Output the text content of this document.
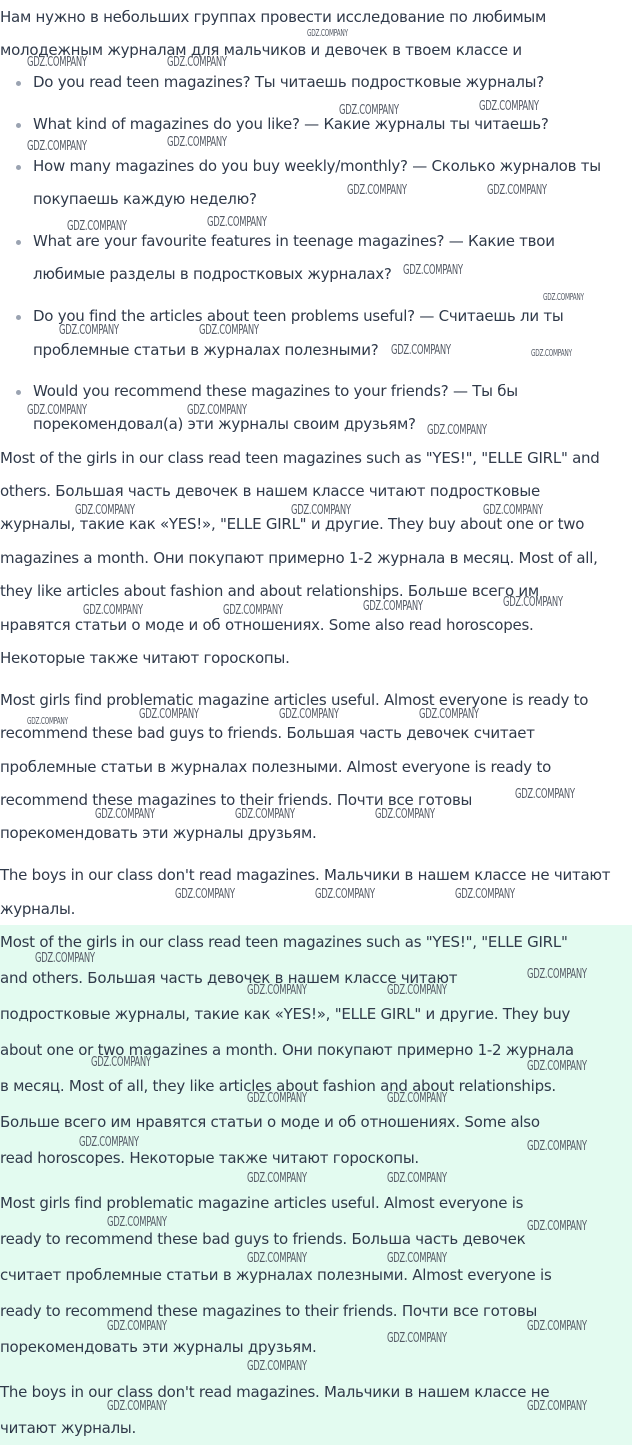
Нам нужно в небольших группах провести исследование по любимым
молодежным журналам для мальчиков и девочек в твоем классе и
Do you read teen magazines? Ты читаешь подростковые журналы?
What kind of magazines do you like? — Какие журналы ты читаешь?
How many magazines do you buy weekly/monthly? — Сколько журналов ты
покупаешь каждую неделю?
What are your favourite features in teenage magazines? — Какие твои
любимые разделы в подростковых журналах?
Do you find the articles about teen problems useful? — Считаешь ли ты
проблемные статьи в журналах полезными?
Would you recommend these magazines to your friends? — Ты бы
порекомендовал(а) эти журналы своим друзьям?
Most of the girls in our class read teen magazines such as "YES!", "ELLE GIRL" and
others. Большая часть девочек в нашем классе читают подростковые
журналы, такие как «YES!», "ELLE GIRL" и другие. They buy about one or two
magazines a month. Они покупают примерно 1-2 журнала в месяц. Most of all,
they like articles about fashion and about relationships. Больше всего им
нравятся статьи о моде и об отношениях. Some also read horoscopes.
Некоторые также читают гороскопы.
Most girls find problematic magazine articles useful. Almost everyone is ready to
recommend these bad guys to friends. Бoльшая часть девочек считает
проблемные статьи в журналах полезными. Almost everyone is ready to
recommend these magazines to their friends. Почти все готовы
порекомендовать эти журналы друзьям.
The boys in our class don't read magazines. Мальчики в нашем классе не читают
журналы.
Most of the girls in our class read teen magazines such as "YES!", "ELLE GIRL"
and others. Большая часть девочек в нашем классе читают
подростковые журналы, такие как «YES!», "ELLE GIRL" и другие. They buy
about one or two magazines a month. Они покупают примерно 1-2 журнала
в месяц. Most of all, they like articles about fashion and about relationships.
Больше всего им нравятся статьи о моде и об отношениях. Some also
read horoscopes. Некоторые также читают гороскопы.
Most girls find problematic magazine articles useful. Almost everyone is
ready to recommend these bad guys to friends. Больша часть девочек
считает проблемные статьи в журналах полезными. Almost everyone is
ready to recommend these magazines to their friends. Почти все готовы
порекомендовать эти журналы друзьям.
The boys in our class don't read magazines. Мальчики в нашем классе не
читают журналы.
GDZ.COMPANY
GDZ.COMPANY	GDZ.COMPANY
GDZ.COMPANY	GDZ.COMPANY
GDZ.COMPANY	GDZ.COMPANY
GDZ.COMPANY	GDZ.COMPANY
GDZ.COMPANY	GDZ.COMPANY
GDZ.COMPANY
GDZ.COMPANY
GDZ.COMPANY	GDZ.COMPANY
GDZ.COMPANY	GDZ.COMPANY
GDZ.COMPANY	GDZ.COMPANY
GDZ.COMPANY
GDZ.COMPANY	GDZ.COMPANY	GDZ.COMPANY
GDZ.COMPANY	GDZ.COMPANY	GDZ.COMPANY	GDZ.COMPANY
GDZ.COMPANY	GDZ.COMPANY	GDZ.COMPANY	GDZ.COMPANY
GDZ.COMPANY
GDZ.COMPANY	GDZ.COMPANY	GDZ.COMPANY
GDZ.COMPANY	GDZ.COMPANY	GDZ.COMPANY
GDZ.COMPANY
GDZ.COMPANY
GDZ.COMPANY	GDZ.COMPANY
GDZ.COMPANY	GDZ.COMPANY
GDZ.COMPANY	GDZ.COMPANY
GDZ.COMPANY	GDZ.COMPANY
GDZ.COMPANY	GDZ.COMPANY
GDZ.COMPANY	GDZ.COMPANY
GDZ.COMPANY	GDZ.COMPANY
GDZ.COMPANY	GDZ.COMPANY
GDZ.COMPANY
GDZ.COMPANY
GDZ.COMPANY	GDZ.COMPANY
